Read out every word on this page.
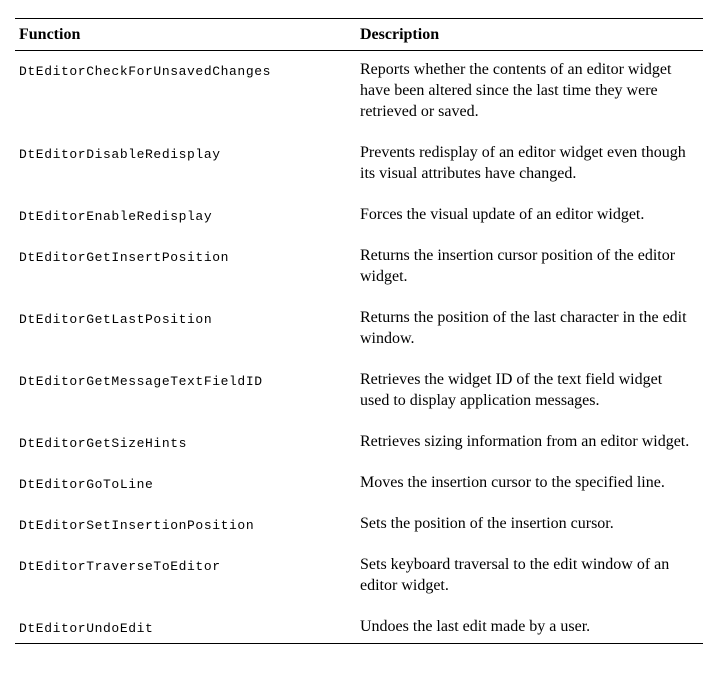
Function	Description
DtEditorCheckForUnsavedChanges	Reports whether the contents of an editor widget have been altered since the last time they were retrieved or saved.
DtEditorDisableRedisplay	Prevents redisplay of an editor widget even though its visual attributes have changed.
DtEditorEnableRedisplay	Forces the visual update of an editor widget.
DtEditorGetInsertPosition	Returns the insertion cursor position of the editor widget.
DtEditorGetLastPosition	Returns the position of the last character in the edit window.
DtEditorGetMessageTextFieldID	Retrieves the widget ID of the text field widget used to display application messages.
DtEditorGetSizeHints	Retrieves sizing information from an editor widget.
DtEditorGoToLine	Moves the insertion cursor to the specified line.
DtEditorSetInsertionPosition	Sets the position of the insertion cursor.
DtEditorTraverseToEditor	Sets keyboard traversal to the edit window of an editor widget.
DtEditorUndoEdit	Undoes the last edit made by a user.
